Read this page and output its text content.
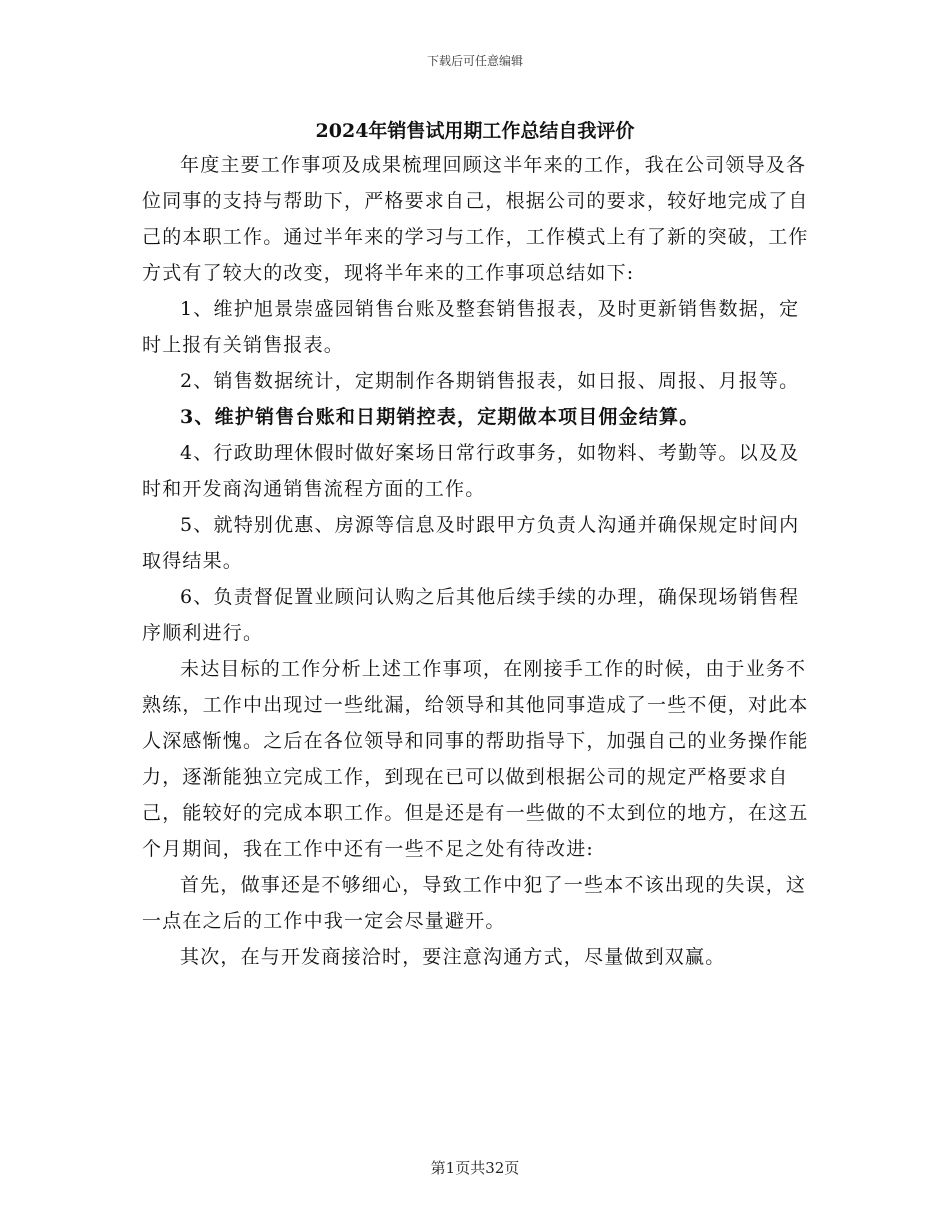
下载后可任意编辑
2024年销售试用期工作总结自我评价

年度主要工作事项及成果梳理回顾这半年来的工作，我在公司领导及各位同事的支持与帮助下，严格要求自己，根据公司的要求，较好地完成了自己的本职工作。通过半年来的学习与工作，工作模式上有了新的突破，工作方式有了较大的改变，现将半年来的工作事项总结如下:

1、维护旭景崇盛园销售台账及整套销售报表，及时更新销售数据，定时上报有关销售报表。

2、销售数据统计，定期制作各期销售报表，如日报、周报、月报等。

3、维护销售台账和日期销控表，定期做本项目佣金结算。

4、行政助理休假时做好案场日常行政事务，如物料、考勤等。以及及时和开发商沟通销售流程方面的工作。

5、就特别优惠、房源等信息及时跟甲方负责人沟通并确保规定时间内取得结果。

6、负责督促置业顾问认购之后其他后续手续的办理，确保现场销售程序顺利进行。

未达目标的工作分析上述工作事项，在刚接手工作的时候，由于业务不熟练，工作中出现过一些纰漏，给领导和其他同事造成了一些不便，对此本人深感惭愧。之后在各位领导和同事的帮助指导下，加强自己的业务操作能力，逐渐能独立完成工作，到现在已可以做到根据公司的规定严格要求自己，能较好的完成本职工作。但是还是有一些做的不太到位的地方，在这五个月期间，我在工作中还有一些不足之处有待改进:

首先，做事还是不够细心，导致工作中犯了一些本不该出现的失误，这一点在之后的工作中我一定会尽量避开。

其次，在与开发商接洽时，要注意沟通方式，尽量做到双赢。

第1页共32页
